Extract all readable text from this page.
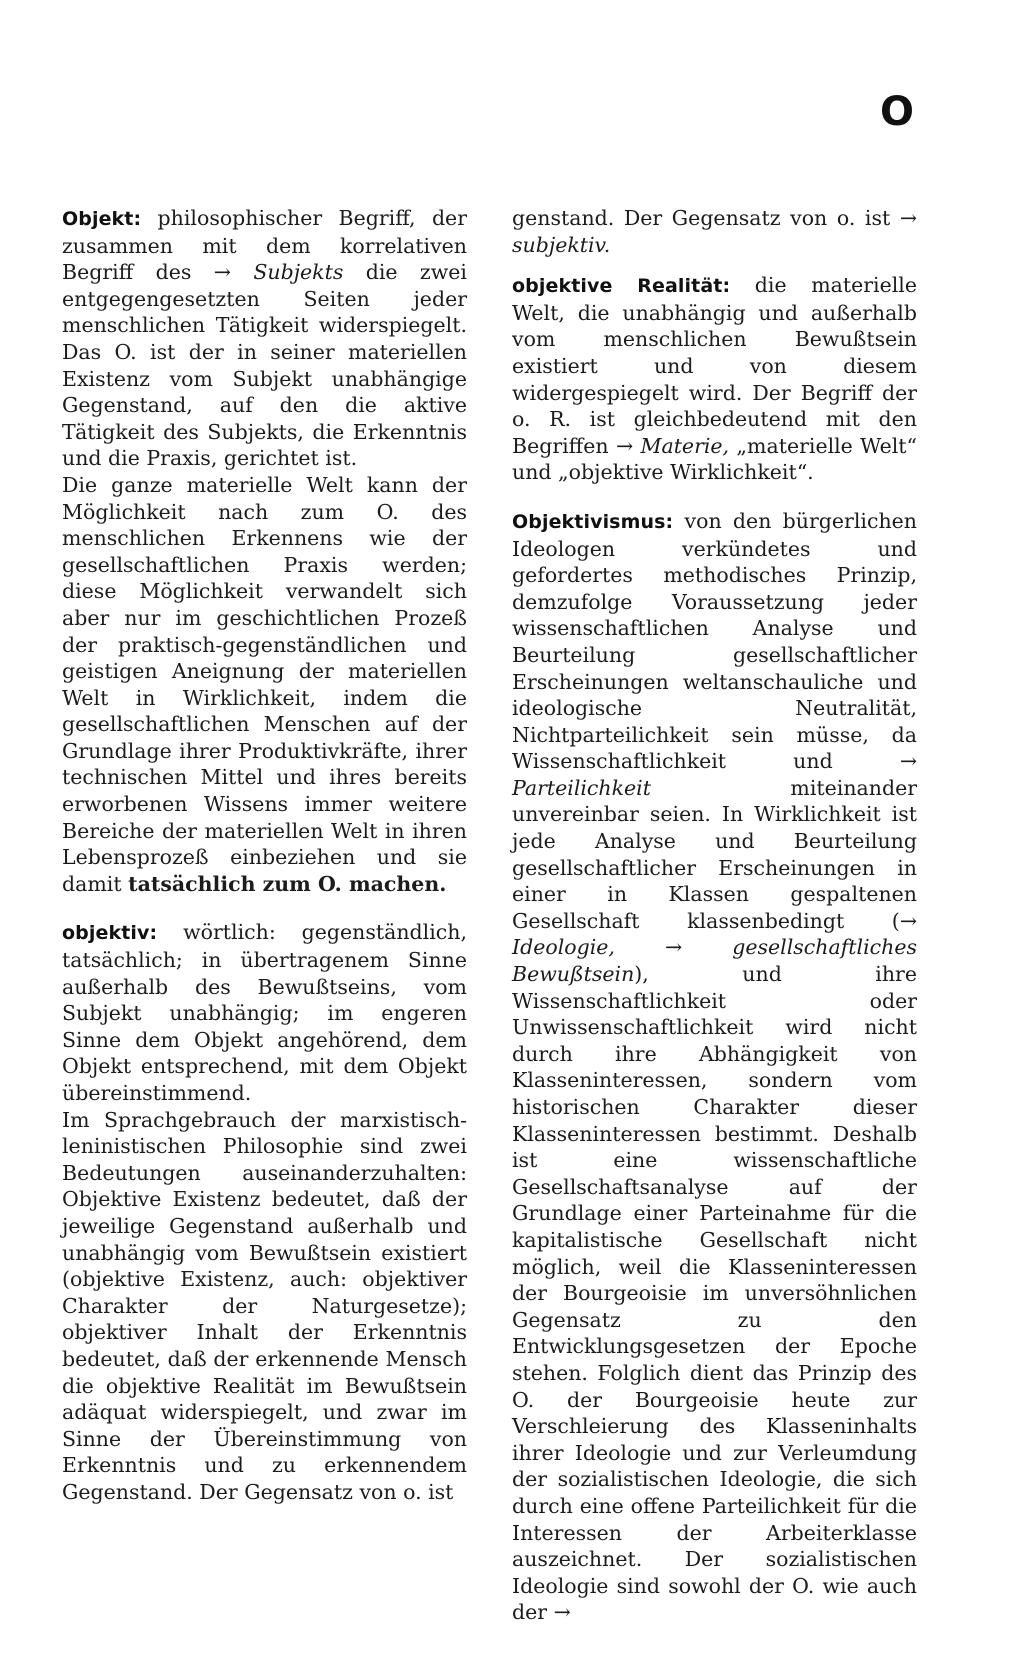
O

Objekt: philosophischer Begriff, der zusammen mit dem korrelativen Begriff des → Subjekts die zwei entgegengesetzten Seiten jeder menschlichen Tätigkeit widerspiegelt. Das O. ist der in seiner materiellen Existenz vom Subjekt unabhängige Gegenstand, auf den die aktive Tätigkeit des Subjekts, die Erkenntnis und die Praxis, gerichtet ist.

Die ganze materielle Welt kann der Möglichkeit nach zum O. des menschlichen Erkennens wie der gesellschaftlichen Praxis werden; diese Möglichkeit verwandelt sich aber nur im geschichtlichen Prozeß der praktisch-gegenständlichen und geistigen Aneignung der materiellen Welt in Wirklichkeit, indem die gesellschaftlichen Menschen auf der Grundlage ihrer Produktivkräfte, ihrer technischen Mittel und ihres bereits erworbenen Wissens immer weitere Bereiche der materiellen Welt in ihren Lebensprozeß einbeziehen und sie damit tatsächlich zum O. machen.

objektiv: wörtlich: gegenständlich, tatsächlich; in übertragenem Sinne außerhalb des Bewußtseins, vom Subjekt unabhängig; im engeren Sinne dem Objekt angehörend, dem Objekt entsprechend, mit dem Objekt übereinstimmend.

Im Sprachgebrauch der marxistisch-leninistischen Philosophie sind zwei Bedeutungen auseinanderzuhalten: Objektive Existenz bedeutet, daß der jeweilige Gegenstand außerhalb und unabhängig vom Bewußtsein existiert (objektive Existenz, auch: objektiver Charakter der Naturgesetze); objektiver Inhalt der Erkenntnis bedeutet, daß der erkennende Mensch die objektive Realität im Bewußtsein adäquat widerspiegelt, und zwar im Sinne der Übereinstimmung von Erkenntnis und zu erkennendem Gegenstand. Der Gegensatz von o. ist

genstand. Der Gegensatz von o. ist → subjektiv.

objektive Realität: die materielle Welt, die unabhängig und außerhalb vom menschlichen Bewußtsein existiert und von diesem widergespiegelt wird. Der Begriff der o. R. ist gleichbedeutend mit den Begriffen → Materie, „materielle Welt“ und „objektive Wirklichkeit“.

Objektivismus: von den bürgerlichen Ideologen verkündetes und gefordertes methodisches Prinzip, demzufolge Voraussetzung jeder wissenschaftlichen Analyse und Beurteilung gesellschaftlicher Erscheinungen weltanschauliche und ideologische Neutralität, Nichtparteilichkeit sein müsse, da Wissenschaftlichkeit und → Parteilichkeit miteinander unvereinbar seien. In Wirklichkeit ist jede Analyse und Beurteilung gesellschaftlicher Erscheinungen in einer in Klassen gespaltenen Gesellschaft klassenbedingt (→ Ideologie, → gesellschaftliches Bewußtsein), und ihre Wissenschaftlichkeit oder Unwissenschaftlichkeit wird nicht durch ihre Abhängigkeit von Klasseninteressen, sondern vom historischen Charakter dieser Klasseninteressen bestimmt. Deshalb ist eine wissenschaftliche Gesellschaftsanalyse auf der Grundlage einer Parteinahme für die kapitalistische Gesellschaft nicht möglich, weil die Klasseninteressen der Bourgeoisie im unversöhnlichen Gegensatz zu den Entwicklungsgesetzen der Epoche stehen. Folglich dient das Prinzip des O. der Bourgeoisie heute zur Verschleierung des Klasseninhalts ihrer Ideologie und zur Verleumdung der sozialistischen Ideologie, die sich durch eine offene Parteilichkeit für die Interessen der Arbeiterklasse auszeichnet. Der sozialistischen Ideologie sind sowohl der O. wie auch der →
